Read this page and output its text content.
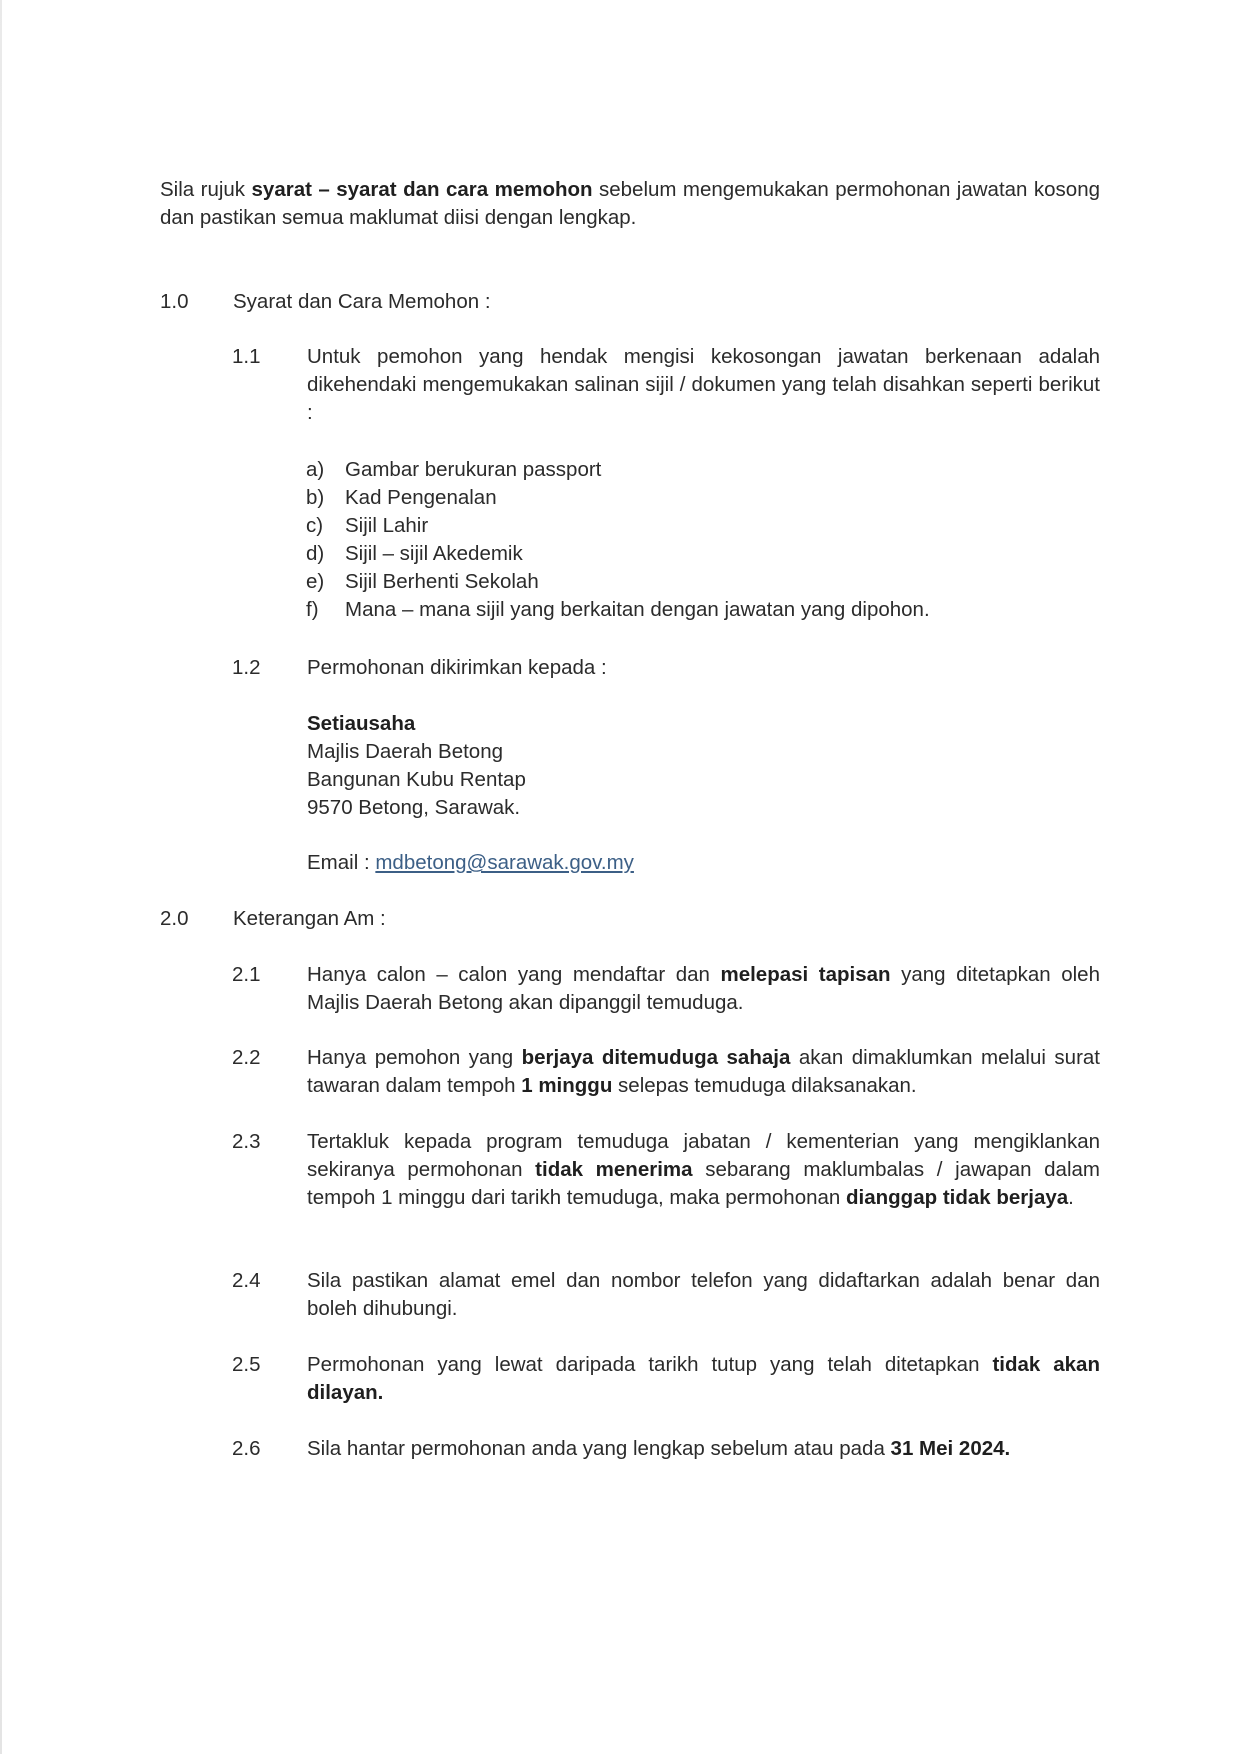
Sila rujuk syarat – syarat dan cara memohon sebelum mengemukakan permohonan jawatan kosong dan pastikan semua maklumat diisi dengan lengkap.

1.0 Syarat dan Cara Memohon :
1.1 Untuk pemohon yang hendak mengisi kekosongan jawatan berkenaan adalah dikehendaki mengemukakan salinan sijil / dokumen yang telah disahkan seperti berikut :
a) Gambar berukuran passport
b) Kad Pengenalan
c) Sijil Lahir
d) Sijil – sijil Akedemik
e) Sijil Berhenti Sekolah
f) Mana – mana sijil yang berkaitan dengan jawatan yang dipohon.
1.2 Permohonan dikirimkan kepada :
Setiausaha
Majlis Daerah Betong
Bangunan Kubu Rentap
9570 Betong, Sarawak.
Email : mdbetong@sarawak.gov.my
2.0 Keterangan Am :
2.1 Hanya calon – calon yang mendaftar dan melepasi tapisan yang ditetapkan oleh Majlis Daerah Betong akan dipanggil temuduga.
2.2 Hanya pemohon yang berjaya ditemuduga sahaja akan dimaklumkan melalui surat tawaran dalam tempoh 1 minggu selepas temuduga dilaksanakan.
2.3 Tertakluk kepada program temuduga jabatan / kementerian yang mengiklankan sekiranya permohonan tidak menerima sebarang maklumbalas / jawapan dalam tempoh 1 minggu dari tarikh temuduga, maka permohonan dianggap tidak berjaya.
2.4 Sila pastikan alamat emel dan nombor telefon yang didaftarkan adalah benar dan boleh dihubungi.
2.5 Permohonan yang lewat daripada tarikh tutup yang telah ditetapkan tidak akan dilayan.
2.6 Sila hantar permohonan anda yang lengkap sebelum atau pada 31 Mei 2024.
